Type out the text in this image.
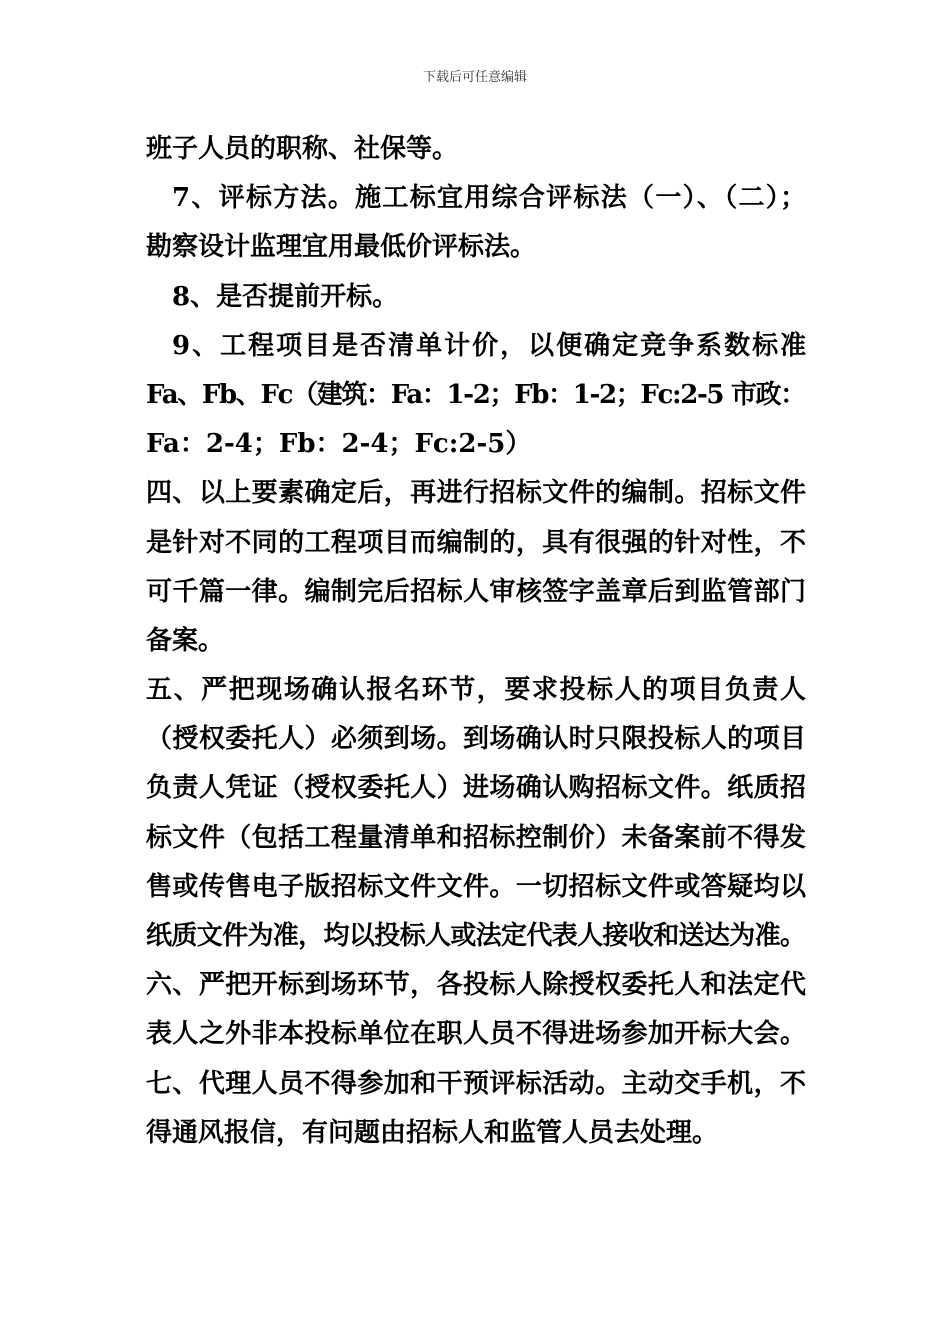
下载后可任意编辑
班子人员的职称、社保等。
7、评标方法。施工标宜用综合评标法（一）、（二）；
勘察设计监理宜用最低价评标法。
8、是否提前开标。
9、工程项目是否清单计价，以便确定竞争系数标准
Fa、Fb、Fc（建筑：Fa：1-2；Fb：1-2；Fc:2-5 市政：
Fa：2-4；Fb：2-4；Fc:2-5）
四、以上要素确定后，再进行招标文件的编制。招标文件
是针对不同的工程项目而编制的，具有很强的针对性，不
可千篇一律。编制完后招标人审核签字盖章后到监管部门
备案。
五、严把现场确认报名环节，要求投标人的项目负责人
（授权委托人）必须到场。到场确认时只限投标人的项目
负责人凭证（授权委托人）进场确认购招标文件。纸质招
标文件（包括工程量清单和招标控制价）未备案前不得发
售或传售电子版招标文件文件。一切招标文件或答疑均以
纸质文件为准，均以投标人或法定代表人接收和送达为准。
六、严把开标到场环节，各投标人除授权委托人和法定代
表人之外非本投标单位在职人员不得进场参加开标大会。
七、代理人员不得参加和干预评标活动。主动交手机，不
得通风报信，有问题由招标人和监管人员去处理。
